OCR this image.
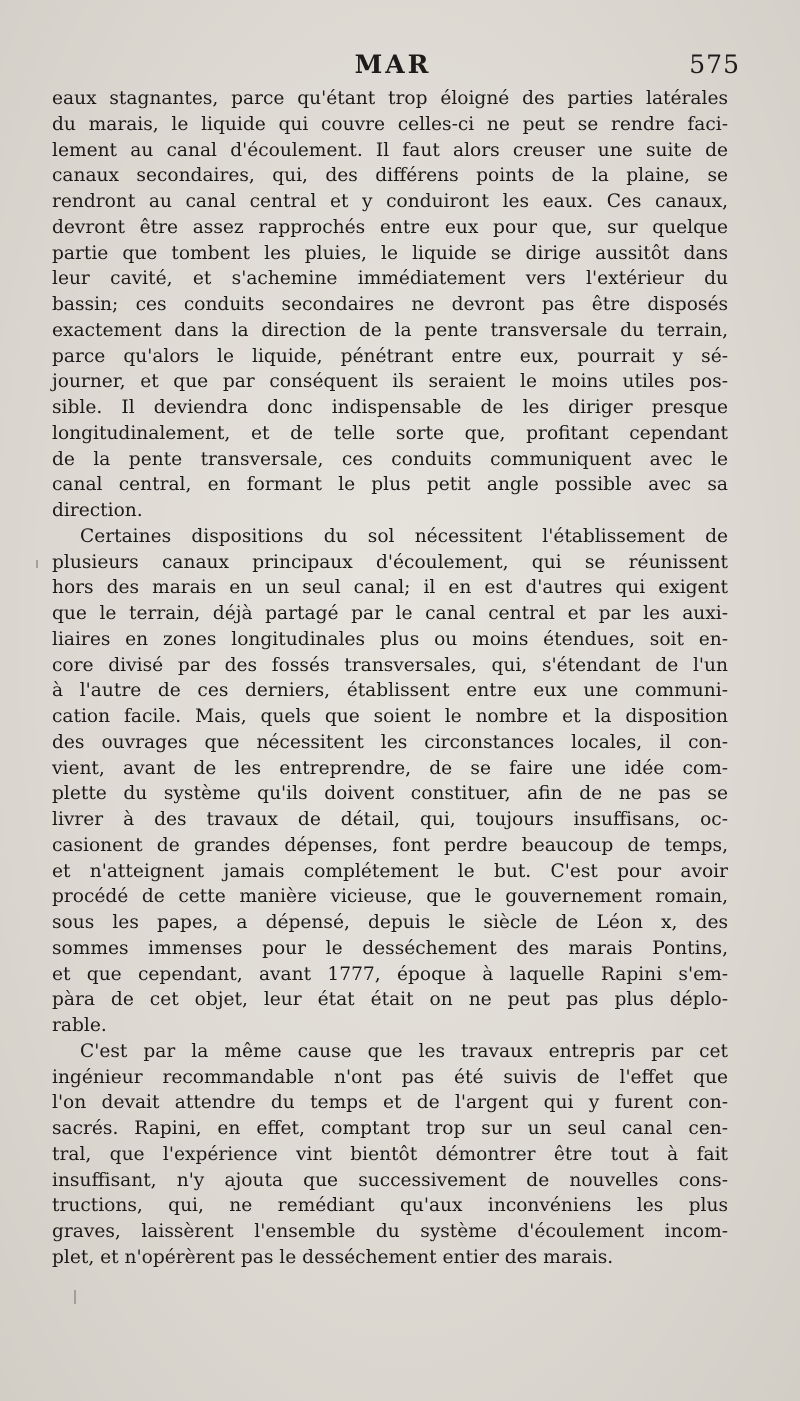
MAR	575

eaux stagnantes, parce qu'étant trop éloigné des parties latérales
du marais, le liquide qui couvre celles-ci ne peut se rendre faci-
lement au canal d'écoulement. Il faut alors creuser une suite de
canaux secondaires, qui, des différens points de la plaine, se
rendront au canal central et y conduiront les eaux. Ces canaux,
devront être assez rapprochés entre eux pour que, sur quelque
partie que tombent les pluies, le liquide se dirige aussitôt dans
leur cavité, et s'achemine immédiatement vers l'extérieur du
bassin; ces conduits secondaires ne devront pas être disposés
exactement dans la direction de la pente transversale du terrain,
parce qu'alors le liquide, pénétrant entre eux, pourrait y sé-
journer, et que par conséquent ils seraient le moins utiles pos-
sible. Il deviendra donc indispensable de les diriger presque
longitudinalement, et de telle sorte que, profitant cependant
de la pente transversale, ces conduits communiquent avec le
canal central, en formant le plus petit angle possible avec sa
direction.

Certaines dispositions du sol nécessitent l'établissement de
plusieurs canaux principaux d'écoulement, qui se réunissent
hors des marais en un seul canal; il en est d'autres qui exigent
que le terrain, déjà partagé par le canal central et par les auxi-
liaires en zones longitudinales plus ou moins étendues, soit en-
core divisé par des fossés transversales, qui, s'étendant de l'un
à l'autre de ces derniers, établissent entre eux une communi-
cation facile. Mais, quels que soient le nombre et la disposition
des ouvrages que nécessitent les circonstances locales, il con-
vient, avant de les entreprendre, de se faire une idée com-
plette du système qu'ils doivent constituer, afin de ne pas se
livrer à des travaux de détail, qui, toujours insuffisans, oc-
casionent de grandes dépenses, font perdre beaucoup de temps,
et n'atteignent jamais complétement le but. C'est pour avoir
procédé de cette manière vicieuse, que le gouvernement romain,
sous les papes, a dépensé, depuis le siècle de Léon x, des
sommes immenses pour le desséchement des marais Pontins,
et que cependant, avant 1777, époque à laquelle Rapini s'em-
pàra de cet objet, leur état était on ne peut pas plus déplo-
rable.

C'est par la même cause que les travaux entrepris par cet
ingénieur recommandable n'ont pas été suivis de l'effet que
l'on devait attendre du temps et de l'argent qui y furent con-
sacrés. Rapini, en effet, comptant trop sur un seul canal cen-
tral, que l'expérience vint bientôt démontrer être tout à fait
insuffisant, n'y ajouta que successivement de nouvelles cons-
tructions, qui, ne remédiant qu'aux inconvéniens les plus
graves, laissèrent l'ensemble du système d'écoulement incom-
plet, et n'opérèrent pas le desséchement entier des marais.
